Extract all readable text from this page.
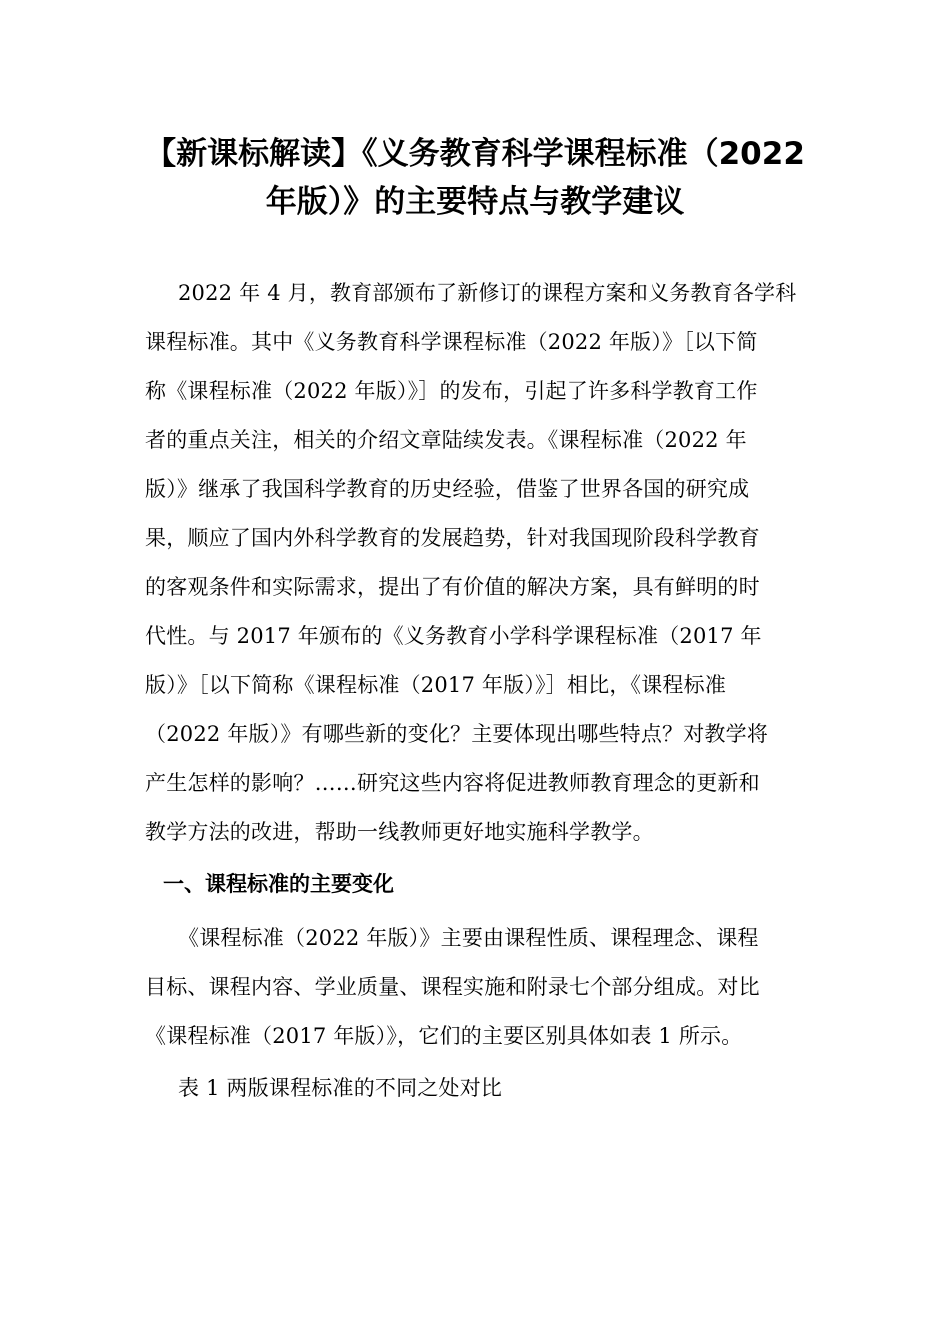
【新课标解读】《义务教育科学课程标准（2022
年版）》的主要特点与教学建议
2022 年 4 月，教育部颁布了新修订的课程方案和义务教育各学科
课程标准。其中《义务教育科学课程标准（2022 年版）》［以下简
称《课程标准（2022 年版）》］的发布，引起了许多科学教育工作
者的重点关注，相关的介绍文章陆续发表。《课程标准（2022 年
版）》继承了我国科学教育的历史经验，借鉴了世界各国的研究成
果，顺应了国内外科学教育的发展趋势，针对我国现阶段科学教育
的客观条件和实际需求，提出了有价值的解决方案，具有鲜明的时
代性。与 2017 年颁布的《义务教育小学科学课程标准（2017 年
版）》［以下简称《课程标准（2017 年版）》］相比，《课程标准
（2022 年版）》有哪些新的变化？主要体现出哪些特点？对教学将
产生怎样的影响？……研究这些内容将促进教师教育理念的更新和
教学方法的改进，帮助一线教师更好地实施科学教学。
一、课程标准的主要变化
《课程标准（2022 年版）》主要由课程性质、课程理念、课程
目标、课程内容、学业质量、课程实施和附录七个部分组成。对比
《课程标准（2017 年版）》，它们的主要区别具体如表 1 所示。
表 1 两版课程标准的不同之处对比
